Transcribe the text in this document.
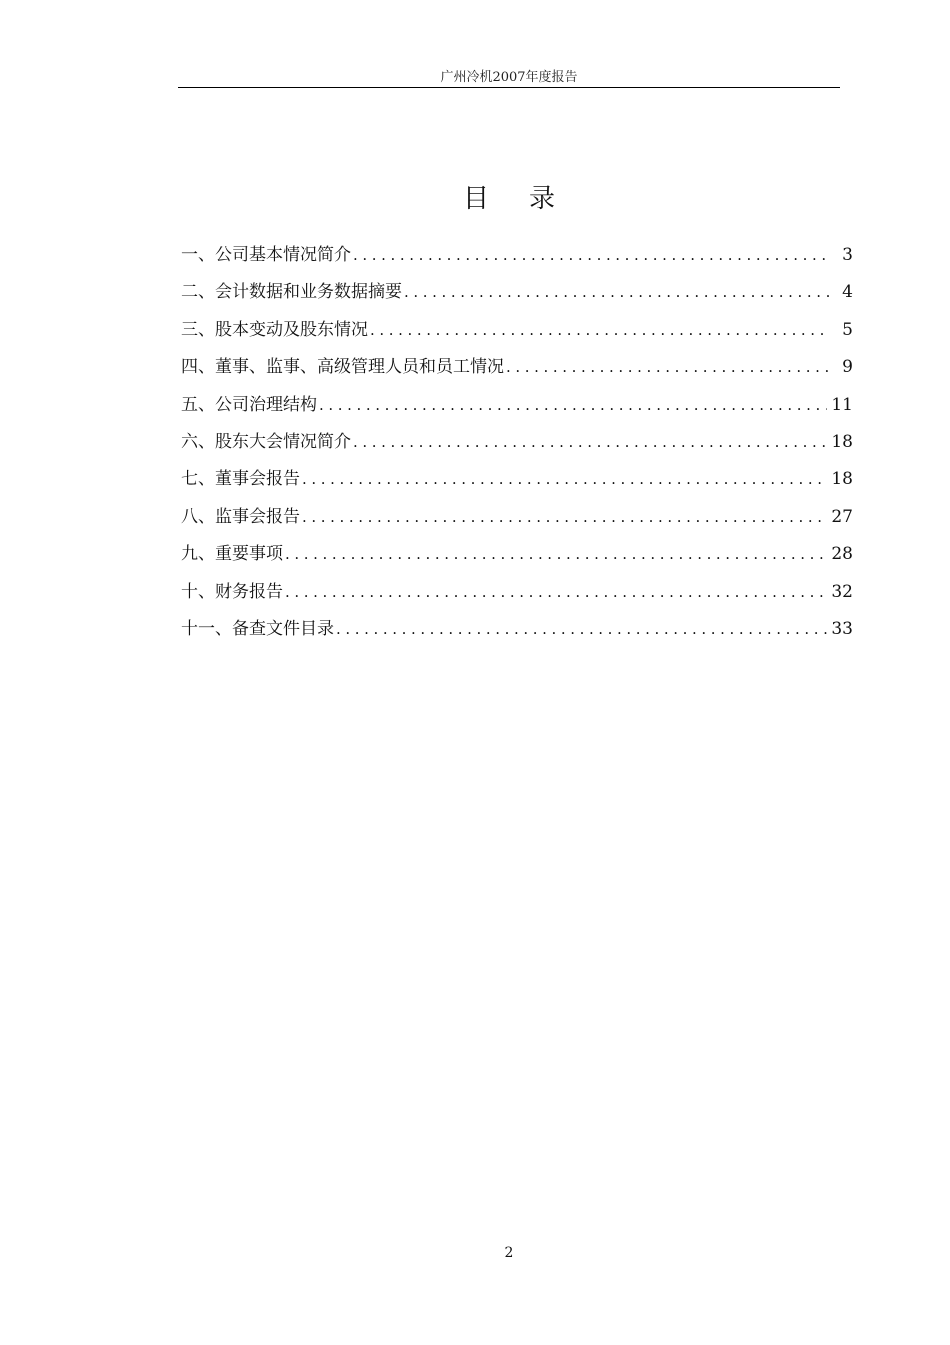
广州冷机2007年度报告
目 录
一、公司基本情况简介 .....	3
二、会计数据和业务数据摘要 .....	4
三、股本变动及股东情况 .....	5
四、董事、监事、高级管理人员和员工情况 .....	9
五、公司治理结构 .....	11
六、股东大会情况简介 .....	18
七、董事会报告 .....	18
八、监事会报告 .....	27
九、重要事项 .....	28
十、财务报告 .....	32
十一、备查文件目录 .....	33
2
